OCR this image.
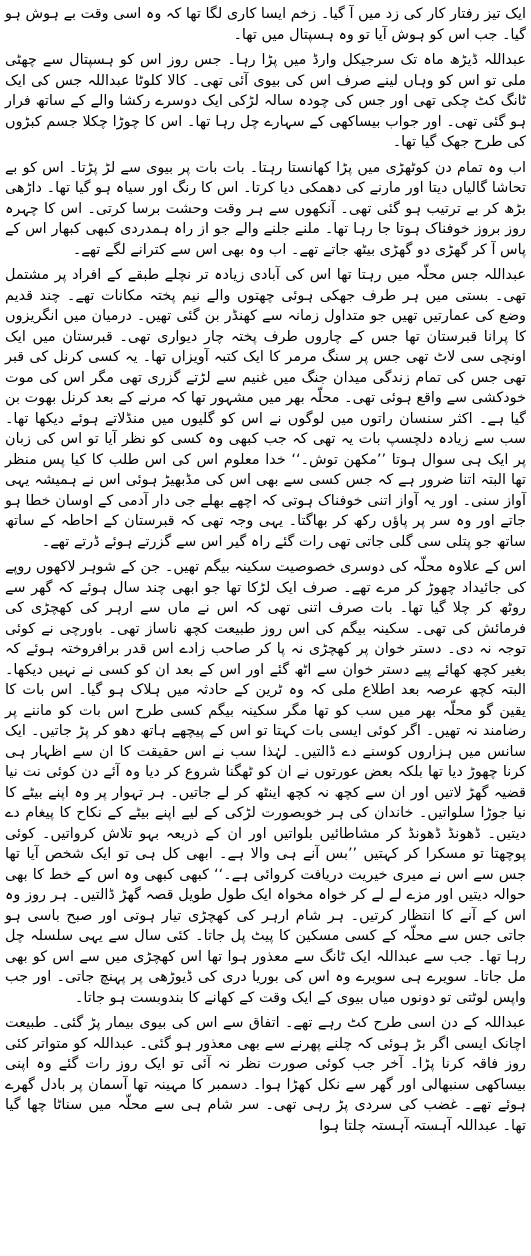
ایک تیز رفتار کار کی زد میں آ گیا۔ زخم ایسا کاری لگا تھا کہ وہ اسی وقت بے ہوش ہو گیا۔ جب اس کو ہوش آیا تو وہ ہسپتال میں تھا۔

عبداللہ ڈیڑھ ماہ تک سرجیکل وارڈ میں پڑا رہا۔ جس روز اس کو ہسپتال سے چھٹی ملی تو اس کو وہاں لینے صرف اس کی بیوی آئی تھی۔ کالا کلوٹا عبداللہ جس کی ایک ٹانگ کٹ چکی تھی اور جس کی چودہ سالہ لڑکی ایک دوسرے رکشا والے کے ساتھ فرار ہو گئی تھی۔ اور جواب بیساکھی کے سہارے چل رہا تھا۔ اس کا چوڑا چکلا جسم کبڑوں کی طرح جھک گیا تھا۔

اب وہ تمام دن کوٹھڑی میں پڑا کھانستا رہتا۔ بات بات پر بیوی سے لڑ پڑتا۔ اس کو بے تحاشا گالیاں دیتا اور مارنے کی دھمکی دیا کرتا۔ اس کا رنگ اور سیاہ ہو گیا تھا۔ داڑھی بڑھ کر بے ترتیب ہو گئی تھی۔ آنکھوں سے ہر وقت وحشت برسا کرتی۔ اس کا چہرہ روز بروز خوفناک ہوتا جا رہا تھا۔ ملنے جلنے والے جو از راہ ہمدردی کبھی کبھار اس کے پاس آ کر گھڑی دو گھڑی بیٹھ جاتے تھے۔ اب وہ بھی اس سے کترانے لگے تھے۔

عبداللہ جس محلّہ میں رہتا تھا اس کی آبادی زیادہ تر نچلے طبقے کے افراد پر مشتمل تھی۔ بستی میں ہر طرف جھکی ہوئی چھتوں والے نیم پختہ مکانات تھے۔ چند قدیم وضع کی عمارتیں تھیں جو متداول زمانہ سے کھنڈر بن گئی تھیں۔ درمیان میں انگریزوں کا پرانا قبرستان تھا جس کے چاروں طرف پختہ چار دیواری تھی۔ قبرستان میں ایک اونچی سی لاٹ تھی جس پر سنگ مرمر کا ایک کتبہ آویزاں تھا۔ یہ کسی کرنل کی قبر تھی جس کی تمام زندگی میدان جنگ میں غنیم سے لڑتے گزری تھی مگر اس کی موت خودکشی سے واقع ہوئی تھی۔ محلّہ بھر میں مشہور تھا کہ مرنے کے بعد کرنل بھوت بن گیا ہے۔ اکثر سنسان راتوں میں لوگوں نے اس کو گلیوں میں منڈلاتے ہوئے دیکھا تھا۔ سب سے زیادہ دلچسپ بات یہ تھی کہ جب کبھی وہ کسی کو نظر آیا تو اس کی زبان پر ایک ہی سوال ہوتا ’’مکھن توش۔‘‘ خدا معلوم اس کی اس طلب کا کیا پس منظر تھا البتہ اتنا ضرور ہے کہ جس کسی سے بھی اس کی مڈبھیڑ ہوئی اس نے ہمیشہ یہی آواز سنی۔ اور یہ آواز اتنی خوفناک ہوتی کہ اچھے بھلے جی دار آدمی کے اوسان خطا ہو جاتے اور وہ سر پر پاؤں رکھ کر بھاگتا۔ یہی وجہ تھی کہ قبرستان کے احاطہ کے ساتھ ساتھ جو پتلی سی گلی جاتی تھی رات گئے راہ گیر اس سے گزرتے ہوئے ڈرتے تھے۔

اس کے علاوہ محلّہ کی دوسری خصوصیت سکینہ بیگم تھیں۔ جن کے شوہر لاکھوں روپے کی جائیداد چھوڑ کر مرے تھے۔ صرف ایک لڑکا تھا جو ابھی چند سال ہوئے کہ گھر سے روٹھ کر چلا گیا تھا۔ بات صرف اتنی تھی کہ اس نے ماں سے ارہر کی کھچڑی کی فرمائش کی تھی۔ سکینہ بیگم کی اس روز طبیعت کچھ ناساز تھی۔ باورچی نے کوئی توجہ نہ دی۔ دستر خوان پر کھچڑی نہ پا کر صاحب زادے اس قدر برافروختہ ہوئے کہ بغیر کچھ کھائے پیے دستر خوان سے اٹھ گئے اور اس کے بعد ان کو کسی نے نہیں دیکھا۔ البتہ کچھ عرصہ بعد اطلاع ملی کہ وہ ٹرین کے حادثہ میں ہلاک ہو گیا۔ اس بات کا یقین گو محلّہ بھر میں سب کو تھا مگر سکینہ بیگم کسی طرح اس بات کو ماننے پر رضامند نہ تھیں۔ اگر کوئی ایسی بات کہتا تو اس کے پیچھے ہاتھ دھو کر پڑ جاتیں۔ ایک سانس میں ہزاروں کوسنے دے ڈالتیں۔ لہٰذا سب نے اس حقیقت کا ان سے اظہار ہی کرنا چھوڑ دیا تھا بلکہ بعض عورتوں نے ان کو ٹھگنا شروع کر دیا وہ آئے دن کوئی نت نیا قضیہ گھڑ لاتیں اور ان سے کچھ نہ کچھ اینٹھ کر لے جاتیں۔ ہر تہوار پر وہ اپنے بیٹے کا نیا جوڑا سلواتیں۔ خاندان کی ہر خوبصورت لڑکی کے لیے اپنے بیٹے کے نکاح کا پیغام دے دیتیں۔ ڈھونڈ ڈھونڈ کر مشاطائیں بلواتیں اور ان کے ذریعہ بہو تلاش کرواتیں۔ کوئی پوچھتا تو مسکرا کر کہتیں ’’بس آنے ہی والا ہے۔ ابھی کل ہی تو ایک شخص آیا تھا جس سے اس نے میری خیریت دریافت کروائی ہے۔‘‘ کبھی کبھی وہ اس کے خط کا بھی حوالہ دیتیں اور مزے لے لے کر خواہ مخواہ ایک طول طویل قصہ گھڑ ڈالتیں۔ ہر روز وہ اس کے آنے کا انتظار کرتیں۔ ہر شام ارہر کی کھچڑی تیار ہوتی اور صبح باسی ہو جاتی جس سے محلّہ کے کسی مسکین کا پیٹ پل جاتا۔ کئی سال سے یہی سلسلہ چل رہا تھا۔ جب سے عبداللہ ایک ٹانگ سے معذور ہوا تھا اس کھچڑی میں سے اس کو بھی مل جاتا۔ سویرے ہی سویرے وہ اس کی بوریا دری کی ڈیوڑھی پر پہنچ جاتی۔ اور جب واپس لوٹتی تو دونوں میاں بیوی کے ایک وقت کے کھانے کا بندوبست ہو جاتا۔

عبداللہ کے دن اسی طرح کٹ رہے تھے۔ اتفاق سے اس کی بیوی بیمار پڑ گئی۔ طبیعت اچانک ایسی اگر بڑ ہوئی کہ چلنے پھرنے سے بھی معذور ہو گئی۔ عبداللہ کو متواتر کئی روز فاقہ کرنا پڑا۔ آخر جب کوئی صورت نظر نہ آئی تو ایک روز رات گئے وہ اپنی بیساکھی سنبھالی اور گھر سے نکل کھڑا ہوا۔ دسمبر کا مہینہ تھا آسمان پر بادل گھرے ہوئے تھے۔ غضب کی سردی پڑ رہی تھی۔ سر شام ہی سے محلّہ میں سناٹا چھا گیا تھا۔ عبداللہ آہستہ آہستہ چلتا ہوا
